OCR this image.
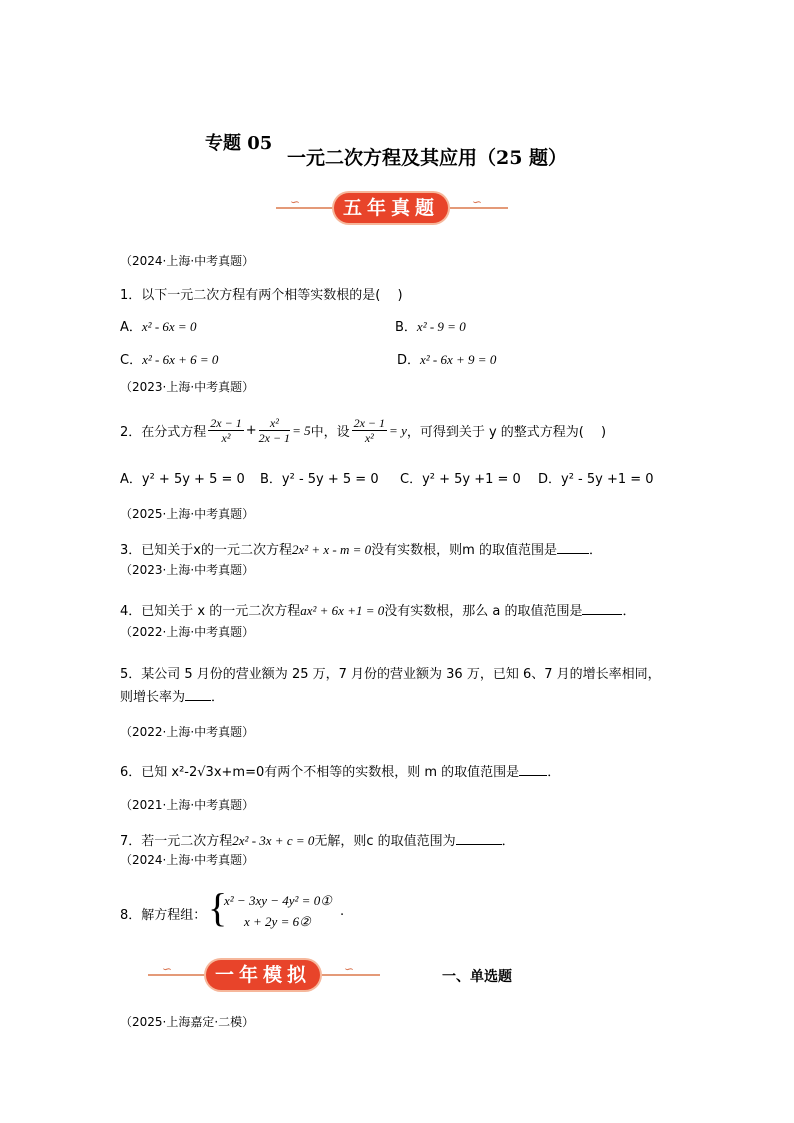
专题 05
一元二次方程及其应用（25 题）
∽	五年真题	∽
（2024·上海·中考真题）
1．以下一元二次方程有两个相等实数根的是(　 )
A．x² - 6x = 0	B．x² - 9 = 0
C．x² - 6x + 6 = 0	D．x² - 6x + 9 = 0
（2023·上海·中考真题）
2．在分式方程 $\frac{2x - 1}{\text{x²}} + \frac{\text{x²}}{2x - 1} = 5$ 中，设 $\frac{2x - 1}{\text{x²}} = y$ ，可得到关于 y 的整式方程为(　 )
A．y² + 5y + 5 = 0 B．y² - 5y + 5 = 0 C．y² + 5y +1 = 0 D．y² - 5y +1 = 0
（2025·上海·中考真题）
3．已知关于x的一元二次方程2x² + x - m = 0没有实数根，则m 的取值范围是 ．
（2023·上海·中考真题）
4．已知关于 x 的一元二次方程ax² + 6x +1 = 0没有实数根，那么 a 的取值范围是	．
（2022·上海·中考真题）
5．某公司 5 月份的营业额为 25 万，7 月份的营业额为 36 万，已知 6、7 月的增长率相同，
则增长率为 ．
（2022·上海·中考真题）
6．已知 x²-2√3x+m=0有两个不相等的实数根，则 m 的取值范围是 ．
（2021·上海·中考真题）
7．若一元二次方程2x² - 3x + c = 0无解，则c 的取值范围为	．
（2024·上海·中考真题）
8．解方程组： {
x² − 3xy − 4y² = 0①
x + 2y = 6②
.
∽	一年模拟	∽	一、单选题
（2025·上海嘉定·二模）
